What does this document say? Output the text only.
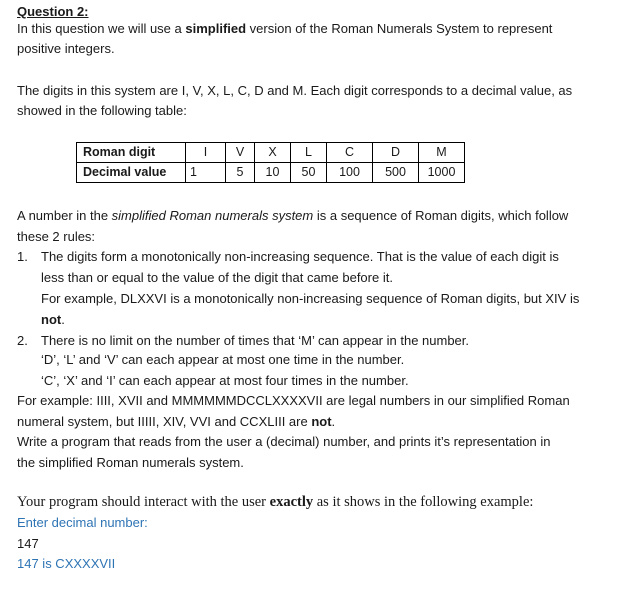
Question 2:
In this question we will use a simplified version of the Roman Numerals System to represent
positive integers.
The digits in this system are I, V, X, L, C, D and M. Each digit corresponds to a decimal value, as
showed in the following table:
Roman digit	I	V	X	L	C	D	M
Decimal value	1	5	10	50	100	500	1000
A number in the simplified Roman numerals system is a sequence of Roman digits, which follow
these 2 rules:
1. The digits form a monotonically non-increasing sequence. That is the value of each digit is
less than or equal to the value of the digit that came before it.
For example, DLXXVI is a monotonically non-increasing sequence of Roman digits, but XIV is
not.
2. There is no limit on the number of times that ‘M’ can appear in the number.
‘D’, ‘L’ and ‘V’ can each appear at most one time in the number.
‘C’, ‘X’ and ‘I’ can each appear at most four times in the number.
For example: IIII, XVII and MMMMMMDCCLXXXXVII are legal numbers in our simplified Roman
numeral system, but IIIII, XIV, VVI and CCXLIII are not.
Write a program that reads from the user a (decimal) number, and prints it’s representation in
the simplified Roman numerals system.
Your program should interact with the user exactly as it shows in the following example:
Enter decimal number:
147
147 is CXXXXVII
